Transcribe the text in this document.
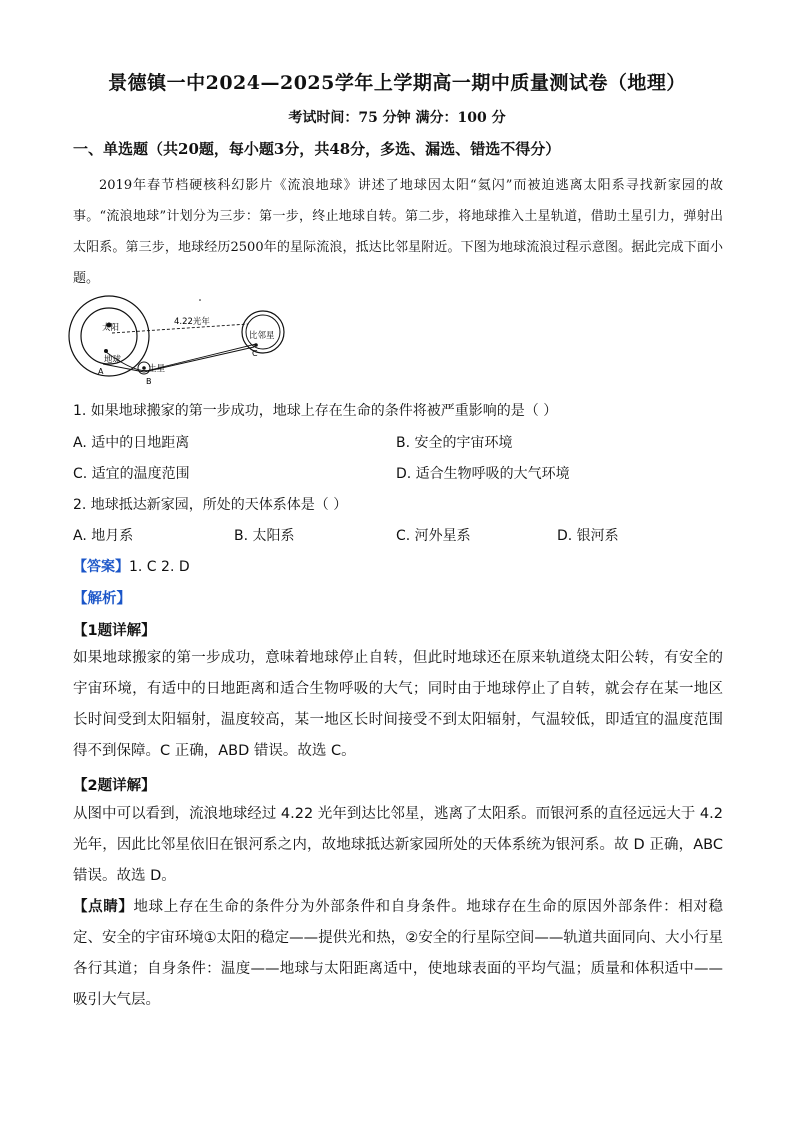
景德镇一中2024—2025学年上学期高一期中质量测试卷（地理）
考试时间：75 分钟 满分：100 分
一、单选题（共20题，每小题3分，共48分，多选、漏选、错选不得分）
2019年春节档硬核科幻影片《流浪地球》讲述了地球因太阳“氦闪”而被迫逃离太阳系寻找新家园的故事。“流浪地球”计划分为三步：第一步，终止地球自转。第二步，将地球推入土星轨道，借助土星引力，弹射出太阳系。第三步，地球经历2500年的星际流浪，抵达比邻星附近。下图为地球流浪过程示意图。据此完成下面小题。
太阳
地球
土星
比邻星
4.22光年
A
B
C
1. 如果地球搬家的第一步成功，地球上存在生命的条件将被严重影响的是（ ）
A. 适中的日地距离	B. 安全的宇宙环境
C. 适宜的温度范围	D. 适合生物呼吸的大气环境
2. 地球抵达新家园，所处的天体系体是（ ）
A. 地月系	B. 太阳系	C. 河外星系	D. 银河系
【答案】1. C 2. D
【解析】
【1题详解】
如果地球搬家的第一步成功，意味着地球停止自转，但此时地球还在原来轨道绕太阳公转，有安全的宇宙环境，有适中的日地距离和适合生物呼吸的大气；同时由于地球停止了自转，就会存在某一地区长时间受到太阳辐射，温度较高，某一地区长时间接受不到太阳辐射，气温较低，即适宜的温度范围得不到保障。C 正确，ABD 错误。故选 C。
【2题详解】
从图中可以看到，流浪地球经过 4.22 光年到达比邻星，逃离了太阳系。而银河系的直径远远大于 4.2 光年，因此比邻星依旧在银河系之内，故地球抵达新家园所处的天体系统为银河系。故 D 正确，ABC 错误。故选 D。
【点睛】地球上存在生命的条件分为外部条件和自身条件。地球存在生命的原因外部条件：相对稳定、安全的宇宙环境①太阳的稳定——提供光和热，②安全的行星际空间——轨道共面同向、大小行星各行其道；自身条件：温度——地球与太阳距离适中，使地球表面的平均气温；质量和体积适中——吸引大气层。
